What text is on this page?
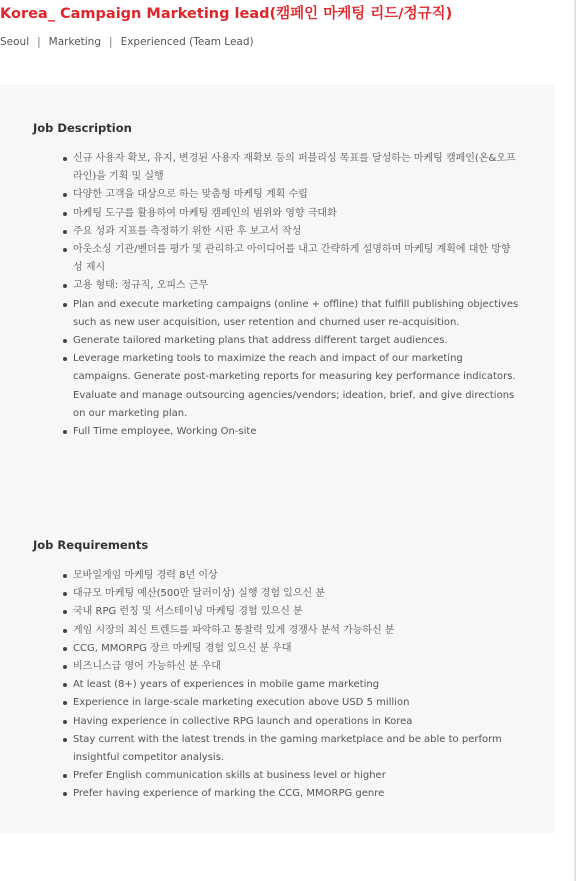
Korea_ Campaign Marketing lead(캠페인 마케팅 리드/정규직)
Seoul | Marketing | Experienced (Team Lead)
Job Description
신규 사용자 확보, 유지, 변경된 사용자 재확보 등의 퍼블리싱 목표를 달성하는 마케팅 캠페인(온&오프라인)을 기획 및 실행
다양한 고객을 대상으로 하는 맞춤형 마케팅 계획 수립
마케팅 도구를 활용하여 마케팅 캠페인의 범위와 영향 극대화
주요 성과 지표를 측정하기 위한 시판 후 보고서 작성
아웃소싱 기관/벤더를 평가 및 관리하고 아이디어를 내고 간략하게 설명하며 마케팅 계획에 대한 방향성 제시
고용 형태: 정규직, 오피스 근무
Plan and execute marketing campaigns (online + offline) that fulfill publishing objectives such as new user acquisition, user retention and churned user re-acquisition.
Generate tailored marketing plans that address different target audiences.
Leverage marketing tools to maximize the reach and impact of our marketing campaigns. Generate post-marketing reports for measuring key performance indicators. Evaluate and manage outsourcing agencies/vendors; ideation, brief, and give directions on our marketing plan.
Full Time employee, Working On-site
Job Requirements
모바일게임 마케팅 경력 8년 이상
대규모 마케팅 예산(500만 달러이상) 실행 경험 있으신 분
국내 RPG 런칭 및 서스테이닝 마케팅 경험 있으신 분
게임 시장의 최신 트렌드를 파악하고 통찰력 있게 경쟁사 분석 가능하신 분
CCG, MMORPG 장르 마케팅 경험 있으신 분 우대
비즈니스급 영어 가능하신 분 우대
At least (8+) years of experiences in mobile game marketing
Experience in large-scale marketing execution above USD 5 million
Having experience in collective RPG launch and operations in Korea
Stay current with the latest trends in the gaming marketplace and be able to perform insightful competitor analysis.
Prefer English communication skills at business level or higher
Prefer having experience of marking the CCG, MMORPG genre
